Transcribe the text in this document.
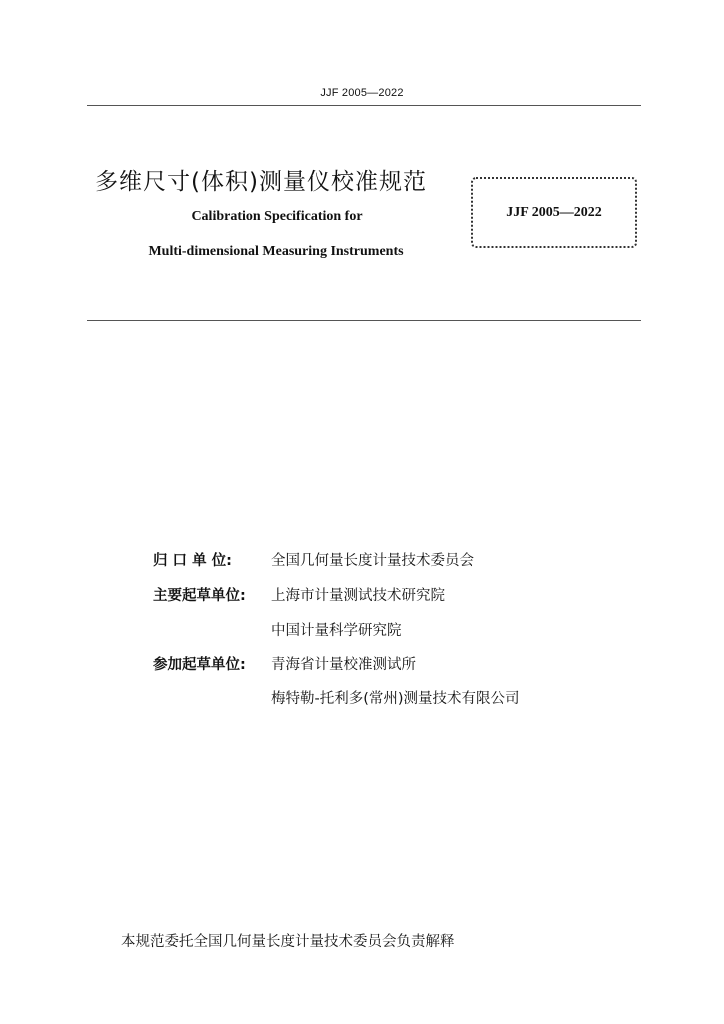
JJF 2005—2022
多维尺寸(体积)测量仪校准规范
Calibration Specification for
Multi-dimensional Measuring Instruments
JJF 2005—2022
归 口 单 位:	全国几何量长度计量技术委员会
主要起草单位:	上海市计量测试技术研究院
中国计量科学研究院
参加起草单位:	青海省计量校准测试所
梅特勒-托利多(常州)测量技术有限公司
本规范委托全国几何量长度计量技术委员会负责解释
